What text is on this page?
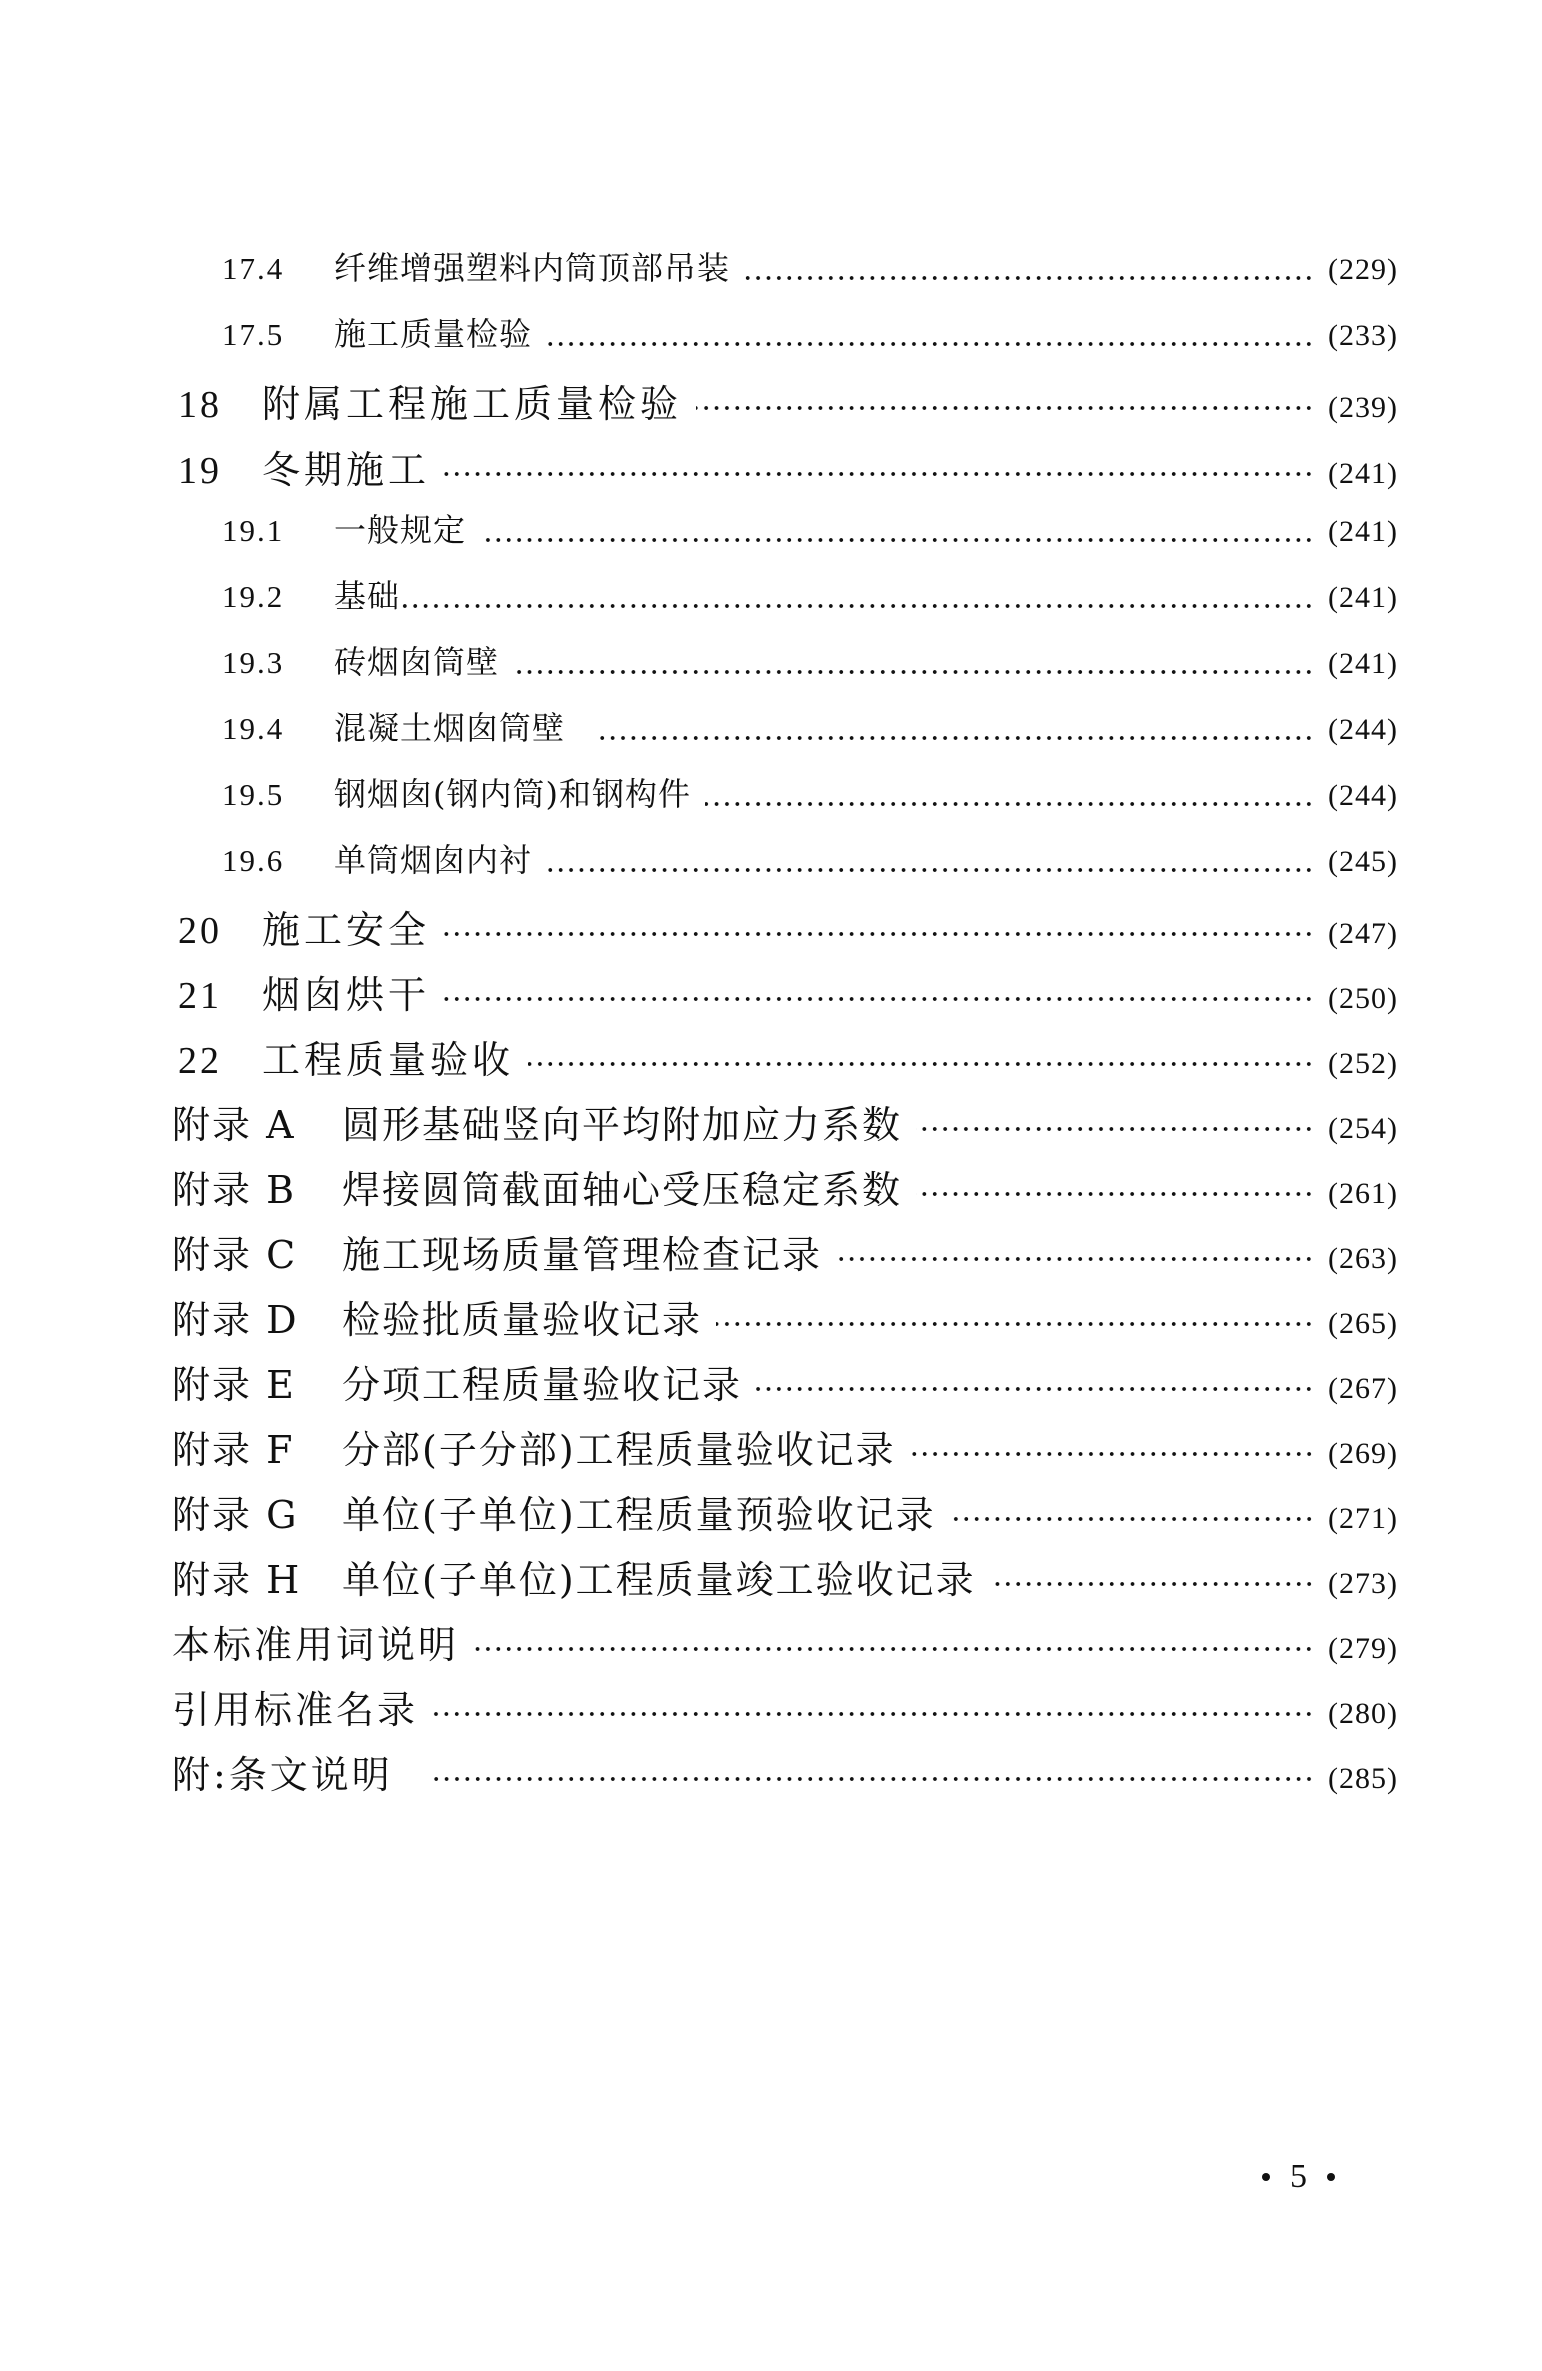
17.4	纤维增强塑料内筒顶部吊装	(229)
17.5	施工质量检验	(233)
18	附属工程施工质量检验	(239)
19	冬期施工	(241)
19.1	一般规定	(241)
19.2	基础	(241)
19.3	砖烟囱筒壁	(241)
19.4	混凝土烟囱筒壁	(244)
19.5	钢烟囱(钢内筒)和钢构件	(244)
19.6	单筒烟囱内衬	(245)
20	施工安全	(247)
21	烟囱烘干	(250)
22	工程质量验收	(252)
附录 A	圆形基础竖向平均附加应力系数	(254)
附录 B	焊接圆筒截面轴心受压稳定系数	(261)
附录 C	施工现场质量管理检查记录	(263)
附录 D	检验批质量验收记录	(265)
附录 E	分项工程质量验收记录	(267)
附录 F	分部(子分部)工程质量验收记录	(269)
附录 G	单位(子单位)工程质量预验收记录	(271)
附录 H	单位(子单位)工程质量竣工验收记录	(273)
本标准用词说明	(279)
引用标准名录	(280)
附:条文说明	(285)
5
